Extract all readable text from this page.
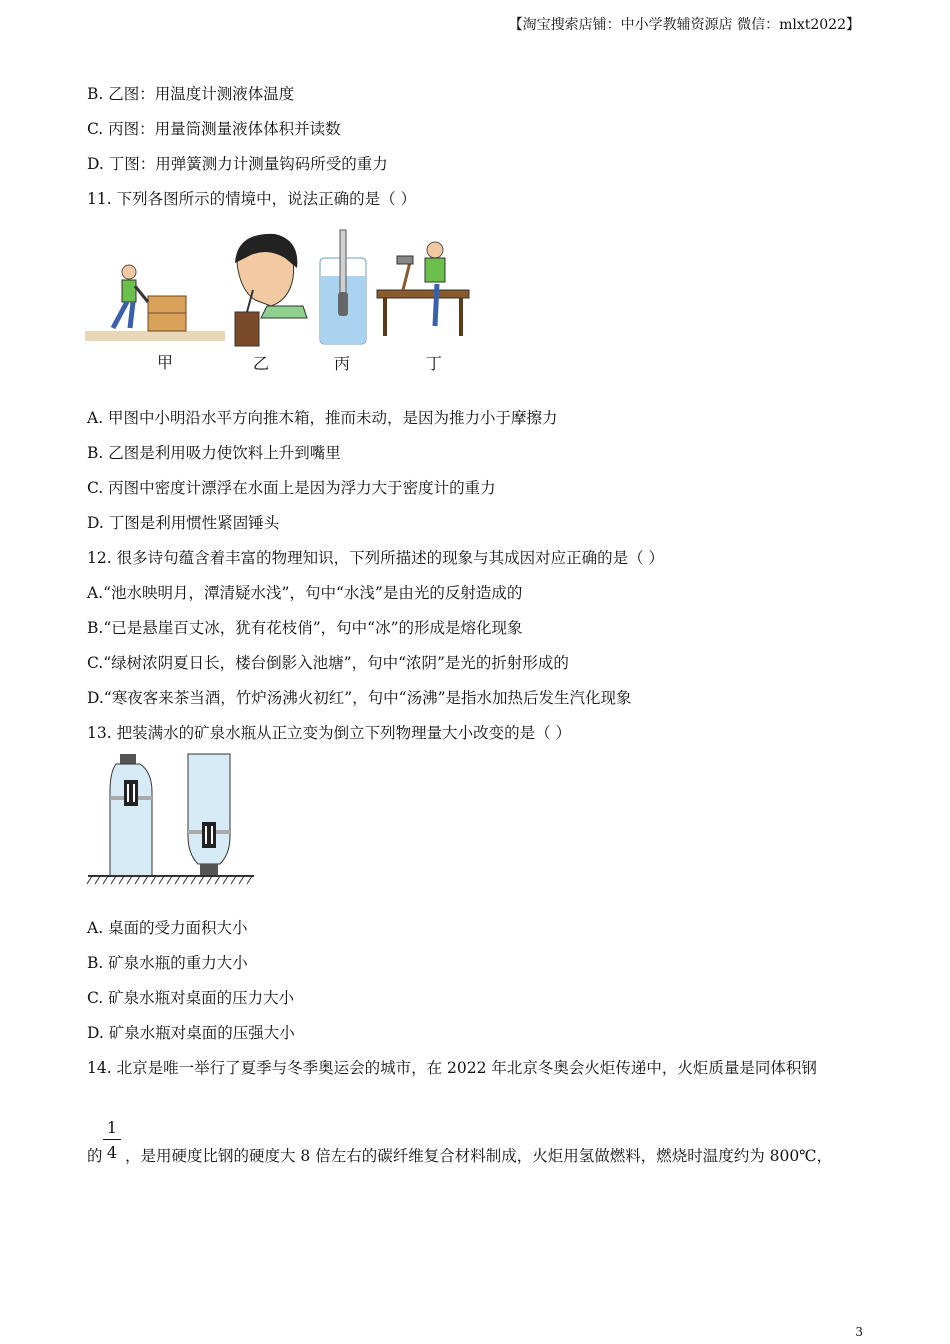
【淘宝搜索店铺：中小学教辅资源店 微信：mlxt2022】
B. 乙图：用温度计测液体温度
C. 丙图：用量筒测量液体体积并读数
D. 丁图：用弹簧测力计测量钩码所受的重力
11. 下列各图所示的情境中，说法正确的是（ ）
甲	乙	丙	丁
A. 甲图中小明沿水平方向推木箱，推而未动，是因为推力小于摩擦力
B. 乙图是利用吸力使饮料上升到嘴里
C. 丙图中密度计漂浮在水面上是因为浮力大于密度计的重力
D. 丁图是利用惯性紧固锤头
12. 很多诗句蕴含着丰富的物理知识，下列所描述的现象与其成因对应正确的是（ ）
A.“池水映明月，潭清疑水浅”，句中“水浅”是由光的反射造成的
B.“已是悬崖百丈冰，犹有花枝俏”，句中“冰”的形成是熔化现象
C.“绿树浓阴夏日长，楼台倒影入池塘”，句中“浓阴”是光的折射形成的
D.“寒夜客来茶当酒，竹炉汤沸火初红”，句中“汤沸”是指水加热后发生汽化现象
13. 把装满水的矿泉水瓶从正立变为倒立下列物理量大小改变的是（ ）
A. 桌面的受力面积大小
B. 矿泉水瓶的重力大小
C. 矿泉水瓶对桌面的压力大小
D. 矿泉水瓶对桌面的压强大小
14. 北京是唯一举行了夏季与冬季奥运会的城市，在 2022 年北京冬奥会火炬传递中，火炬质量是同体积钢
的
1
4 ，是用硬度比钢的硬度大 8 倍左右的碳纤维复合材料制成，火炬用氢做燃料，燃烧时温度约为 800℃，
3
